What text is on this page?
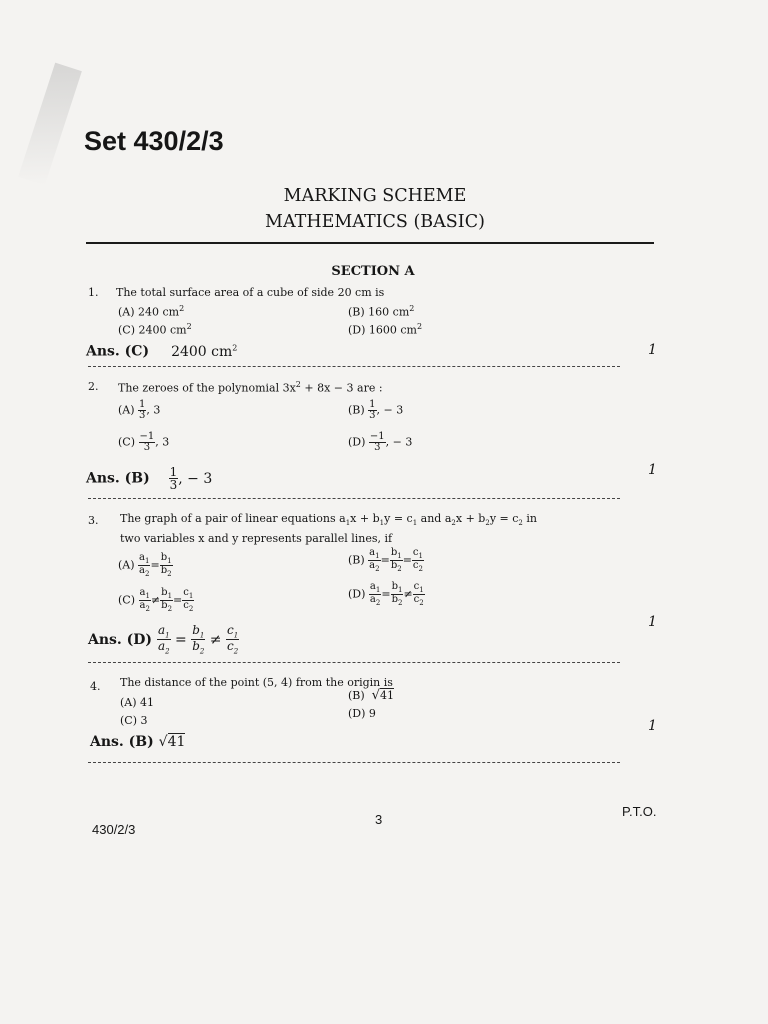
Set 430/2/3
MARKING SCHEME
MATHEMATICS (BASIC)
SECTION A
1. The total surface area of a cube of side 20 cm is
(A) 240 $cm^2$	(B) 160 $cm^2$
(C) 2400 $cm^2$	(D) 1600 $cm^2$
Ans. (C) 2400 $cm^2$	1
2. The zeroes of the polynomial $3x^2 + 8x - 3$ are :
$(A) \frac{1}{3}$ , 3	$(B) \frac{1}{3}$ , − 3
$(C) \frac{-1}{3}$ , 3	$(D) \frac{-1}{3}$ , − 3
Ans. $(B) \frac{1}{3}$ , − 3
1
3. The graph of a pair of linear equations $a_1x + b_1y = c_1$ and $a_2x + b_2y = c_2$ in
two variables x and y represents parallel lines, if
$(A) \frac{a_1}{a_2} = \frac{b_1}{b_2}$	$(B) \frac{a_1}{a_2} = \frac{b_1}{b_2} = \frac{c_1}{c_2}$
$(C) \frac{a_1}{a_2} \ne \frac{b_1}{b_2} = \frac{c_1}{c_2}$	$(D) \frac{a_1}{a_2} = \frac{b_1}{b_2} \ne \frac{c_1}{c_2}$
Ans. $(D) \frac{a_1}{a_2} = \frac{b_1}{b_2} \ne \frac{c_1}{c_2}$
1
4. The distance of the point (5, 4) from the origin is
(A) 41
(B) √41
(C) 3
(D) 9
Ans. (B) √41
1
3
P.T.O.
430/2/3
